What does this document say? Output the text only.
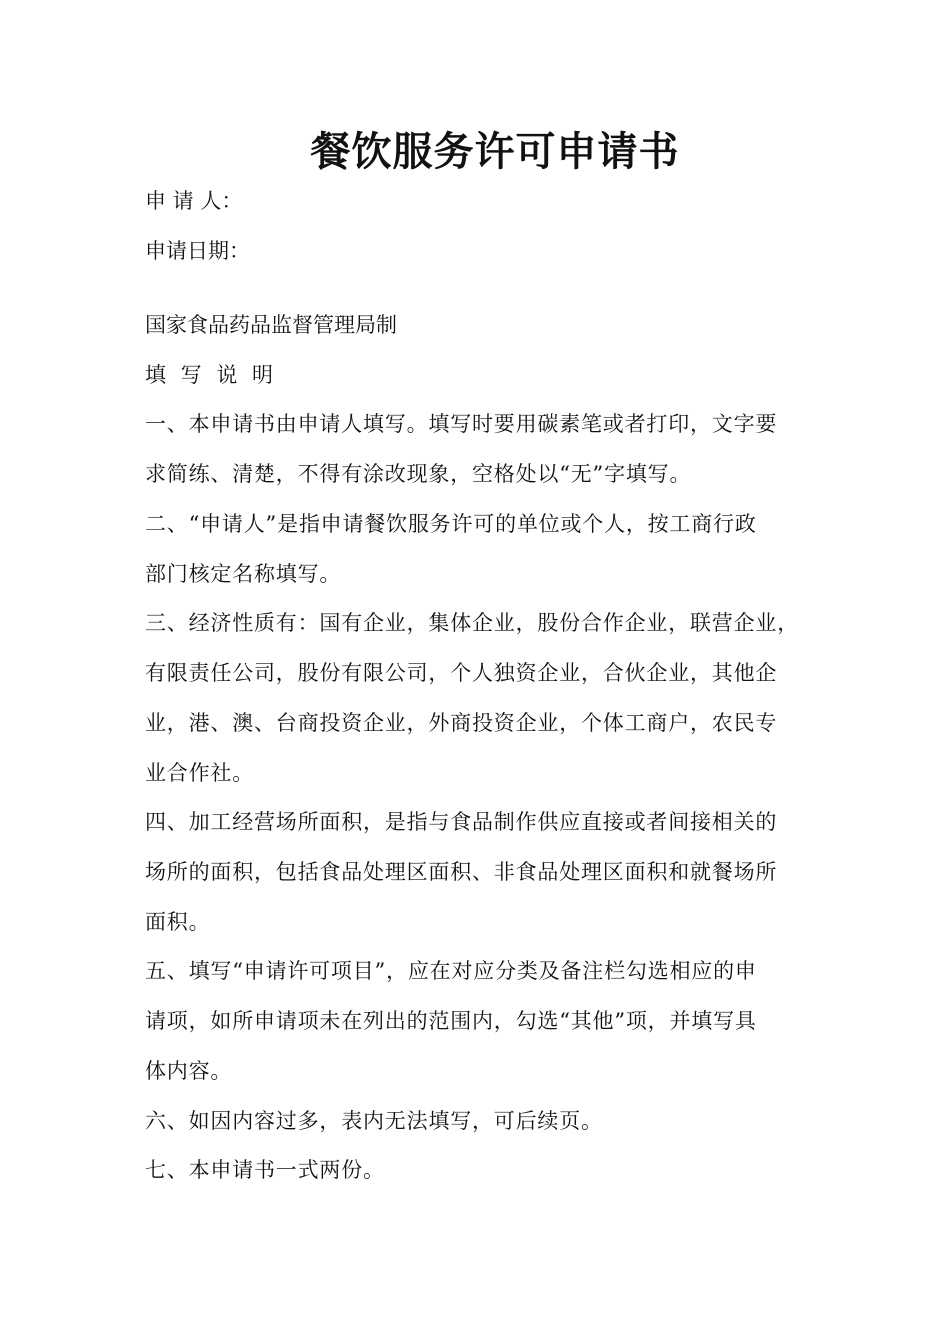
餐饮服务许可申请书
申 请 人：
申请日期：
国家食品药品监督管理局制
填 写 说 明
一、本申请书由申请人填写。填写时要用碳素笔或者打印，文字要
求简练、清楚，不得有涂改现象，空格处以“无”字填写。
二、“申请人”是指申请餐饮服务许可的单位或个人，按工商行政
部门核定名称填写。
三、经济性质有：国有企业，集体企业，股份合作企业，联营企业，
有限责任公司，股份有限公司，个人独资企业，合伙企业，其他企
业，港、澳、台商投资企业，外商投资企业，个体工商户，农民专
业合作社。
四、加工经营场所面积，是指与食品制作供应直接或者间接相关的
场所的面积，包括食品处理区面积、非食品处理区面积和就餐场所
面积。
五、填写“申请许可项目”，应在对应分类及备注栏勾选相应的申
请项，如所申请项未在列出的范围内，勾选“其他”项，并填写具
体内容。
六、如因内容过多，表内无法填写，可后续页。
七、本申请书一式两份。
